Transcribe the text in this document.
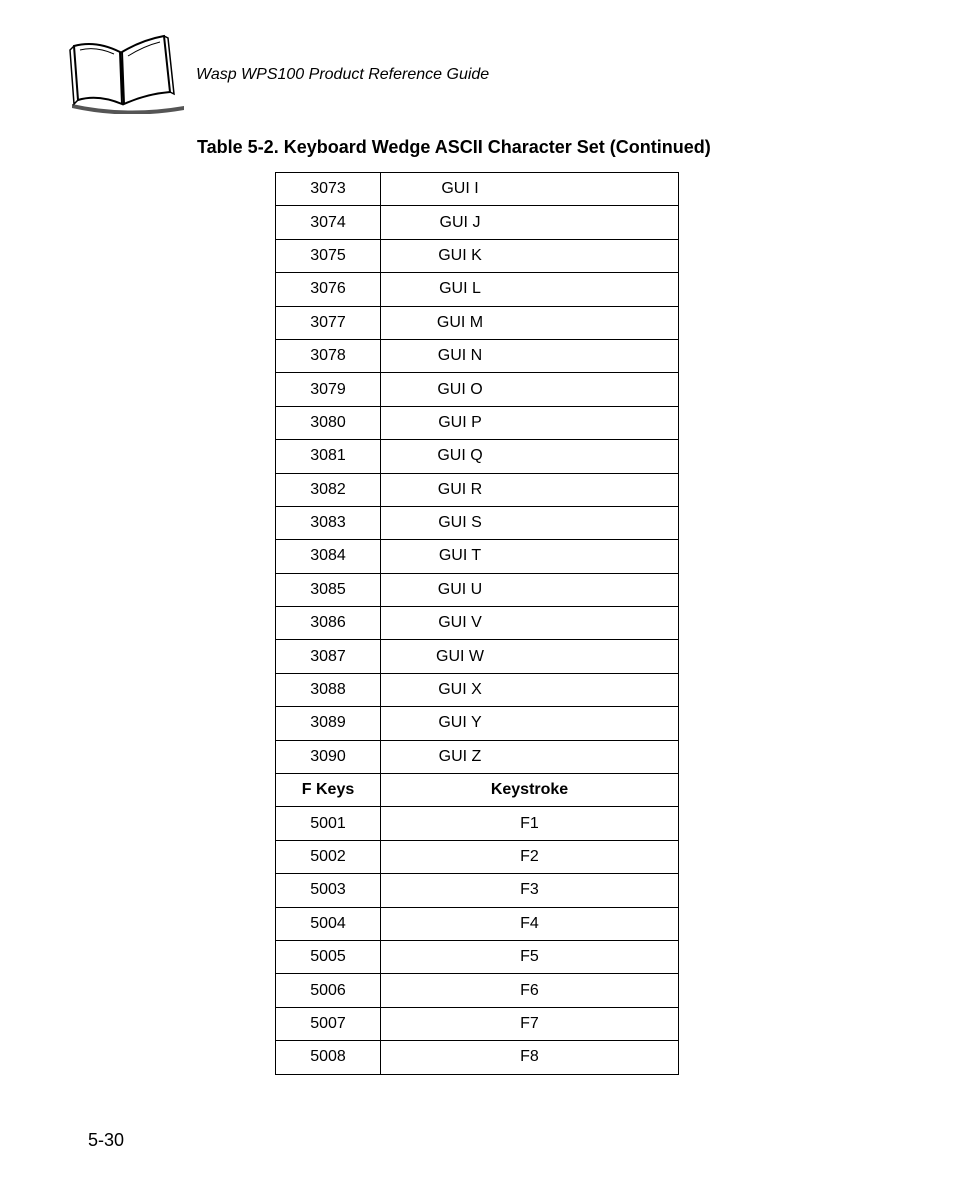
Wasp WPS100 Product Reference Guide
Table 5-2. Keyboard Wedge ASCII Character Set (Continued)
3073	GUI I
3074	GUI J
3075	GUI K
3076	GUI L
3077	GUI M
3078	GUI N
3079	GUI O
3080	GUI P
3081	GUI Q
3082	GUI R
3083	GUI S
3084	GUI T
3085	GUI U
3086	GUI V
3087	GUI W
3088	GUI X
3089	GUI Y
3090	GUI Z
F Keys	Keystroke
5001	F1
5002	F2
5003	F3
5004	F4
5005	F5
5006	F6
5007	F7
5008	F8
5-30
